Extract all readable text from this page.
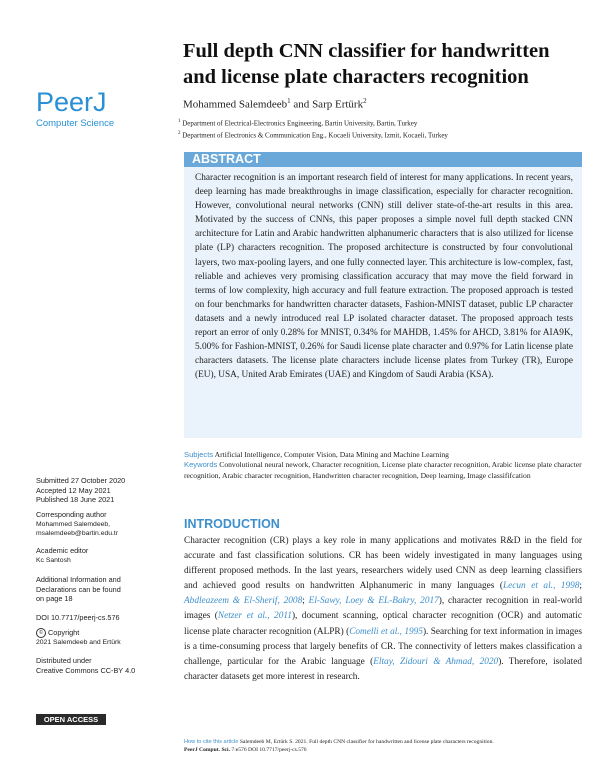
PeerJ
Computer Science
Full depth CNN classifier for handwritten and license plate characters recognition
Mohammed Salemdeeb$^1$ and Sarp Ertürk$^2$
$^1$ Department of Electrical-Electronics Engineering, Bartin University, Bartin, Turkey
$^2$ Department of Electronics & Communication Eng., Kocaeli University, Izmit, Kocaeli, Turkey
ABSTRACT
Character recognition is an important research field of interest for many applications. In recent years, deep learning has made breakthroughs in image classification, especially for character recognition. However, convolutional neural networks (CNN) still deliver state-of-the-art results in this area. Motivated by the success of CNNs, this paper proposes a simple novel full depth stacked CNN architecture for Latin and Arabic handwritten alphanumeric characters that is also utilized for license plate (LP) characters recognition. The proposed architecture is constructed by four convolutional layers, two max-pooling layers, and one fully connected layer. This architecture is low-complex, fast, reliable and achieves very promising classification accuracy that may move the field forward in terms of low complexity, high accuracy and full feature extraction. The proposed approach is tested on four benchmarks for handwritten character datasets, Fashion-MNIST dataset, public LP character datasets and a newly introduced real LP isolated character dataset. The proposed approach tests report an error of only 0.28% for MNIST, 0.34% for MAHDB, 1.45% for AHCD, 3.81% for AIA9K, 5.00% for Fashion-MNIST, 0.26% for Saudi license plate character and 0.97% for Latin license plate characters datasets. The license plate characters include license plates from Turkey (TR), Europe (EU), USA, United Arab Emirates (UAE) and Kingdom of Saudi Arabia (KSA).
Subjects Artificial Intelligence, Computer Vision, Data Mining and Machine Learning
Keywords Convolutional neural nework, Character recognition, License plate character recognition, Arabic license plate character recognition, Arabic character recognition, Handwritten character recognition, Deep learning, Image classififcation
Submitted 27 October 2020
Accepted 12 May 2021
Published 18 June 2021
Corresponding author
Mohammed Salemdeeb,
msalemdeeb@bartin.edu.tr
Academic editor
Kc Santosh
Additional Information and Declarations can be found on page 18
DOI 10.7717/peerj-cs.576
© Copyright
2021 Salemdeeb and Ertürk
Distributed under
Creative Commons CC-BY 4.0
OPEN ACCESS
INTRODUCTION
Character recognition (CR) plays a key role in many applications and motivates R&D in the field for accurate and fast classification solutions. CR has been widely investigated in many languages using different proposed methods. In the last years, researchers widely used CNN as deep learning classifiers and achieved good results on handwritten Alphanumeric in many languages (Lecun et al., 1998; Abdleazeem & El-Sherif, 2008; El-Sawy, Loey & EL-Bakry, 2017), character recognition in real-world images (Netzer et al., 2011), document scanning, optical character recognition (OCR) and automatic license plate character recognition (ALPR) (Comelli et al., 1995). Searching for text information in images is a time-consuming process that largely benefits of CR. The connectivity of letters makes classification a challenge, particular for the Arabic language (Eltay, Zidouri & Ahmad, 2020). Therefore, isolated character datasets get more interest in research.
How to cite this article Salemdeeb M, Ertürk S. 2021. Full depth CNN classifier for handwritten and license plate characters recognition.
PeerJ Comput. Sci. 7:e576 DOI 10.7717/peerj-cs.576
